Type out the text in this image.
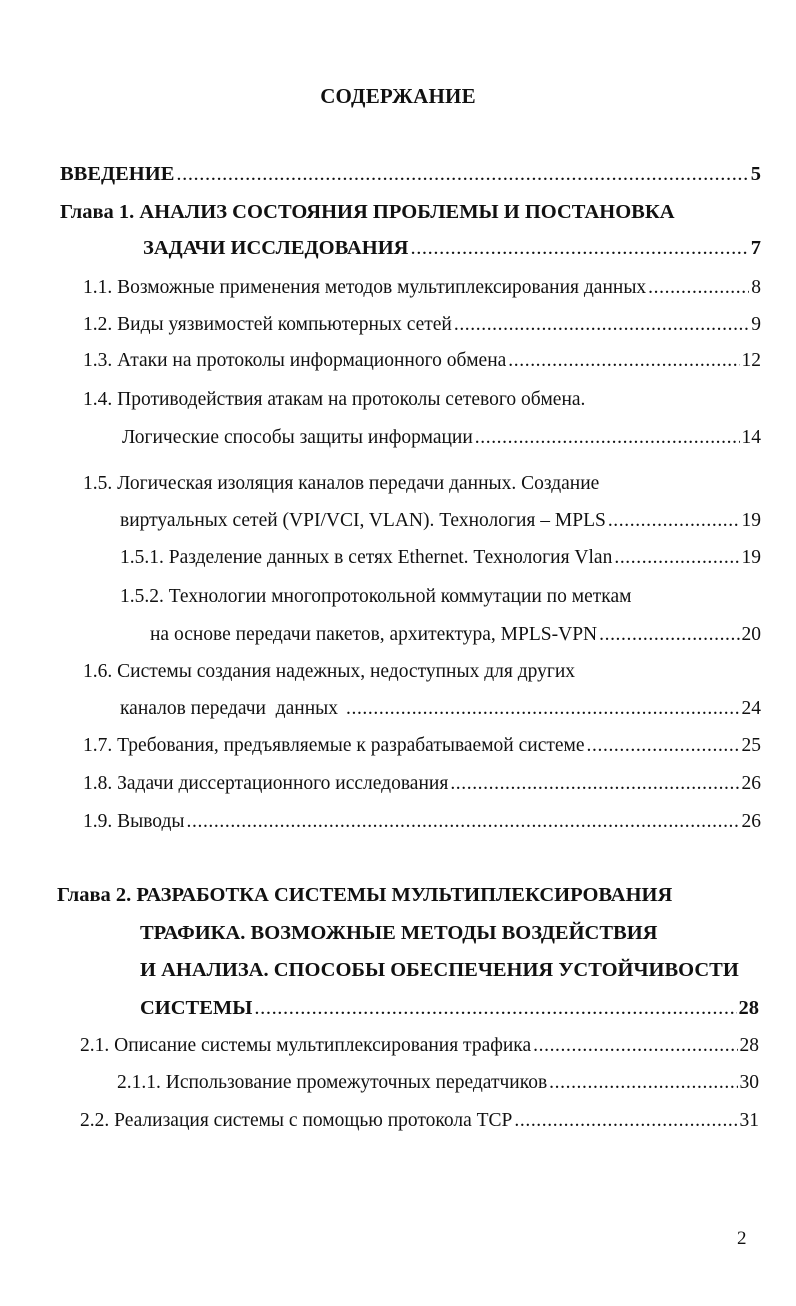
СОДЕРЖАНИЕ
ВВЕДЕНИЕ .....	5
Глава 1. АНАЛИЗ СОСТОЯНИЯ ПРОБЛЕМЫ И ПОСТАНОВКА
ЗАДАЧИ ИССЛЕДОВАНИЯ .....	7
1.1. Возможные применения методов мультиплексирования данных .....	8
1.2. Виды уязвимостей компьютерных сетей .....	9
1.3. Атаки на протоколы информационного обмена .....	12
1.4. Противодействия атакам на протоколы сетевого обмена.
Логические способы защиты информации .....	14
1.5. Логическая изоляция каналов передачи данных. Создание
виртуальных сетей (VPI/VCI, VLAN). Технология – MPLS .....	19
1.5.1. Разделение данных в сетях Ethernet. Технология Vlan .....	19
1.5.2. Технологии многопротокольной коммутации по меткам
на основе передачи пакетов, архитектура, MPLS-VPN .....	20
1.6. Системы создания надежных, недоступных для других
каналов передачи  данных .....	24
1.7. Требования, предъявляемые к разрабатываемой системе .....	25
1.8. Задачи диссертационного исследования .....	26
1.9. Выводы .....	26
Глава 2. РАЗРАБОТКА СИСТЕМЫ МУЛЬТИПЛЕКСИРОВАНИЯ
ТРАФИКА. ВОЗМОЖНЫЕ МЕТОДЫ ВОЗДЕЙСТВИЯ
И АНАЛИЗА. СПОСОБЫ ОБЕСПЕЧЕНИЯ УСТОЙЧИВОСТИ
СИСТЕМЫ .....	28
2.1. Описание системы мультиплексирования трафика .....	28
2.1.1. Использование промежуточных передатчиков .....	30
2.2. Реализация системы с помощью протокола TCP .....	31
2
